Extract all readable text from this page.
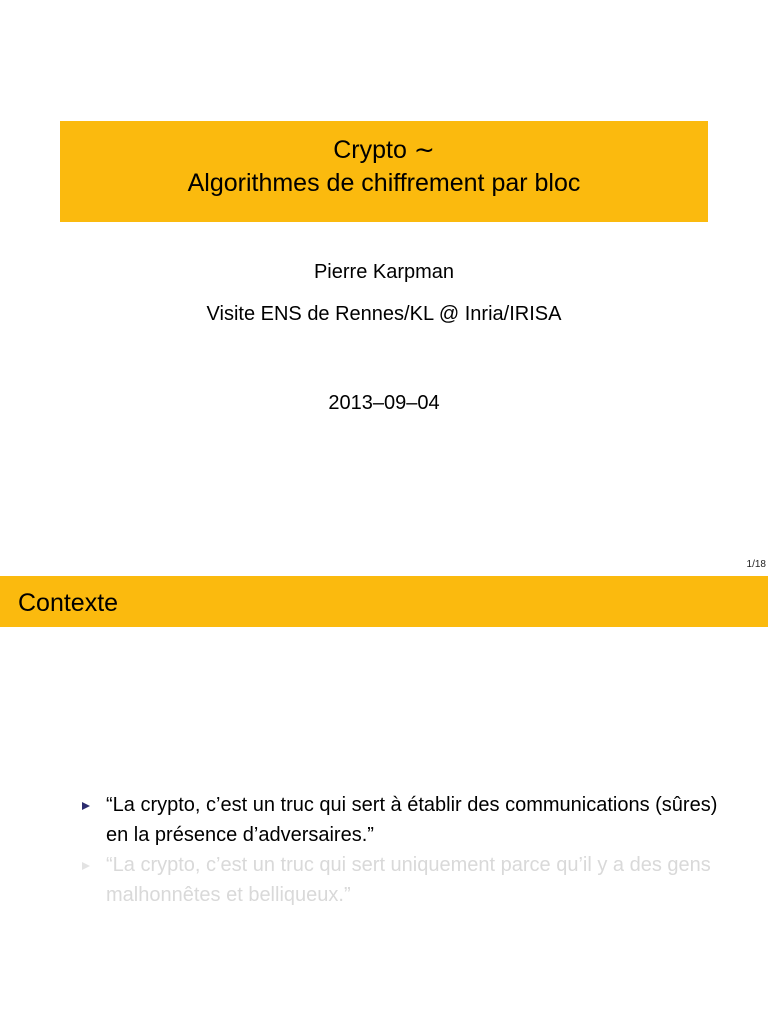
Crypto ∼
Algorithmes de chiffrement par bloc
Pierre Karpman
Visite ENS de Rennes/KL @ Inria/IRISA
2013–09–04
1/18
Contexte
“La crypto, c’est un truc qui sert à établir des communications (sûres) en la présence d’adversaires.”
“La crypto, c’est un truc qui sert uniquement parce qu’il y a des gens malhonnêtes et belliqueux.”
